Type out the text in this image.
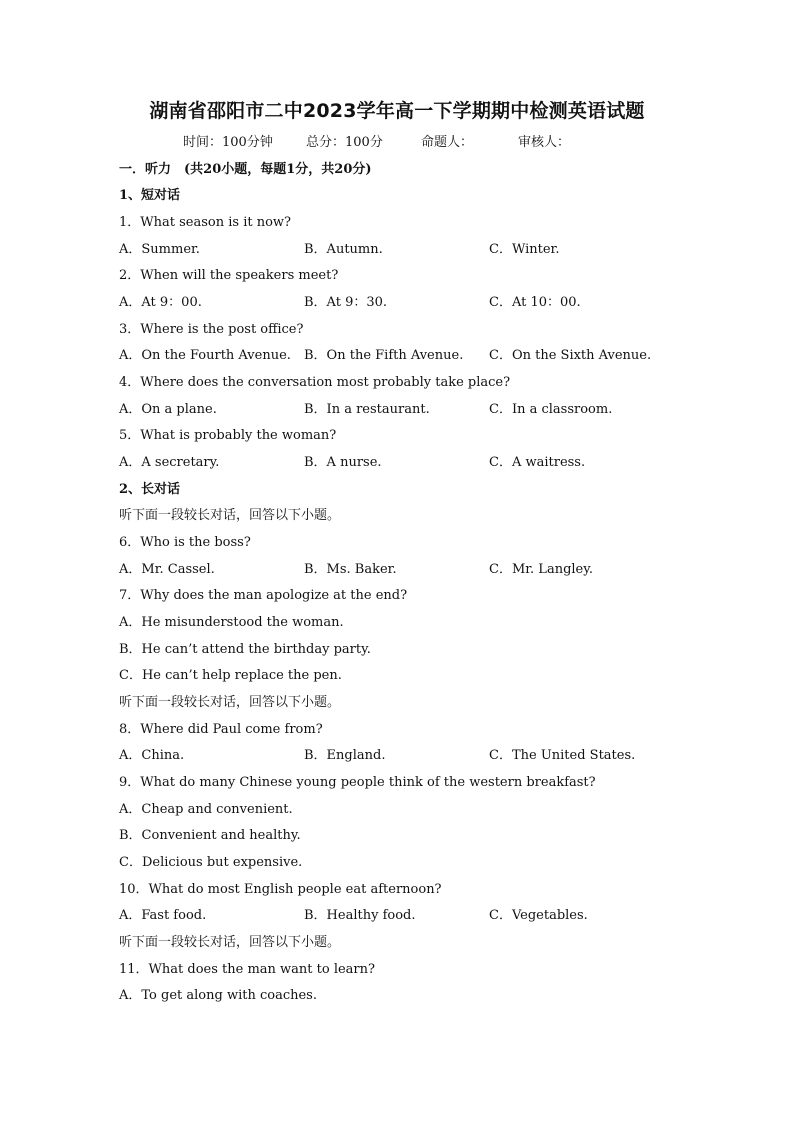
湖南省邵阳市二中2023学年高一下学期期中检测英语试题
时间：100分钟	总分：100分	命题人：	审核人：
一．听力　(共20小题，每题1分，共20分)
1、短对话
1．What season is it now?
A．Summer.	B．Autumn.	C．Winter.
2．When will the speakers meet?
A．At 9：00.	B．At 9：30.	C．At 10：00.
3．Where is the post office?
A．On the Fourth Avenue. B．On the Fifth Avenue. C．On the Sixth Avenue.
4．Where does the conversation most probably take place?
A．On a plane.	B．In a restaurant.	C．In a classroom.
5．What is probably the woman?
A．A secretary.	B．A nurse.	C．A waitress.
2、长对话
听下面一段较长对话，回答以下小题。
6．Who is the boss?
A．Mr. Cassel.	B．Ms. Baker.	C．Mr. Langley.
7．Why does the man apologize at the end?
A．He misunderstood the woman.
B．He can’t attend the birthday party.
C．He can’t help replace the pen.
听下面一段较长对话，回答以下小题。
8．Where did Paul come from?
A．China.	B．England.	C．The United States.
9．What do many Chinese young people think of the western breakfast?
A．Cheap and convenient.
B．Convenient and healthy.
C．Delicious but expensive.
10．What do most English people eat afternoon?
A．Fast food.	B．Healthy food.	C．Vegetables.
听下面一段较长对话，回答以下小题。
11．What does the man want to learn?
A．To get along with coaches.
